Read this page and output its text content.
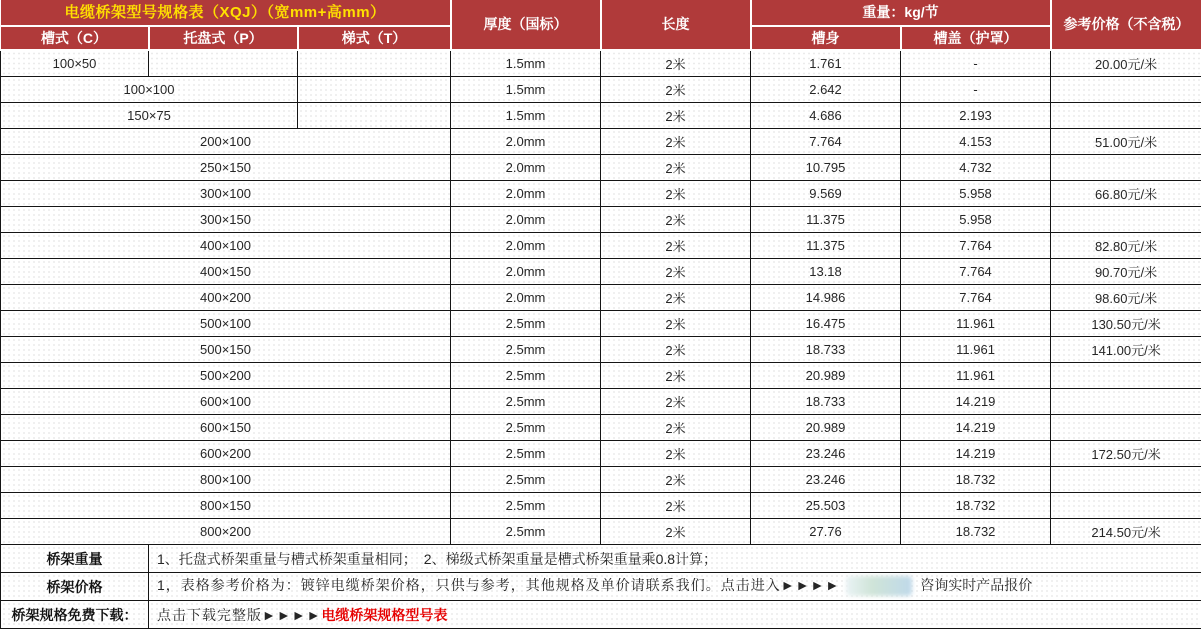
电缆桥架型号规格表（XQJ）（宽mm+高mm）			厚度（国标）	长度	重量：kg/节		参考价格（不含税）
槽式（C）	托盘式（P）	梯式（T）			槽身	槽盖（护罩）	
100×50			1.5mm	2米	1.761	-	20.00元/米
100×100			1.5mm	2米	2.642	-	
150×75			1.5mm	2米	4.686	2.193	
200×100			2.0mm	2米	7.764	4.153	51.00元/米
250×150			2.0mm	2米	10.795	4.732	
300×100			2.0mm	2米	9.569	5.958	66.80元/米
300×150			2.0mm	2米	11.375	5.958	
400×100			2.0mm	2米	11.375	7.764	82.80元/米
400×150			2.0mm	2米	13.18	7.764	90.70元/米
400×200			2.0mm	2米	14.986	7.764	98.60元/米
500×100			2.5mm	2米	16.475	11.961	130.50元/米
500×150			2.5mm	2米	18.733	11.961	141.00元/米
500×200			2.5mm	2米	20.989	11.961	
600×100			2.5mm	2米	18.733	14.219	
600×150			2.5mm	2米	20.989	14.219	
600×200			2.5mm	2米	23.246	14.219	172.50元/米
800×100			2.5mm	2米	23.246	18.732	
800×150			2.5mm	2米	25.503	18.732	
800×200			2.5mm	2米	27.76	18.732	214.50元/米
桥架重量	1、托盘式桥架重量与槽式桥架重量相同；　2、梯级式桥架重量是槽式桥架重量乘0.8计算；						
桥架价格	1，表格参考价格为：镀锌电缆桥架价格，只供与参考，其他规格及单价请联系我们。点击进入►►►► 咨询实时产品报价						
桥架规格免费下载：	点击下载完整版►►►►电缆桥架规格型号表						
